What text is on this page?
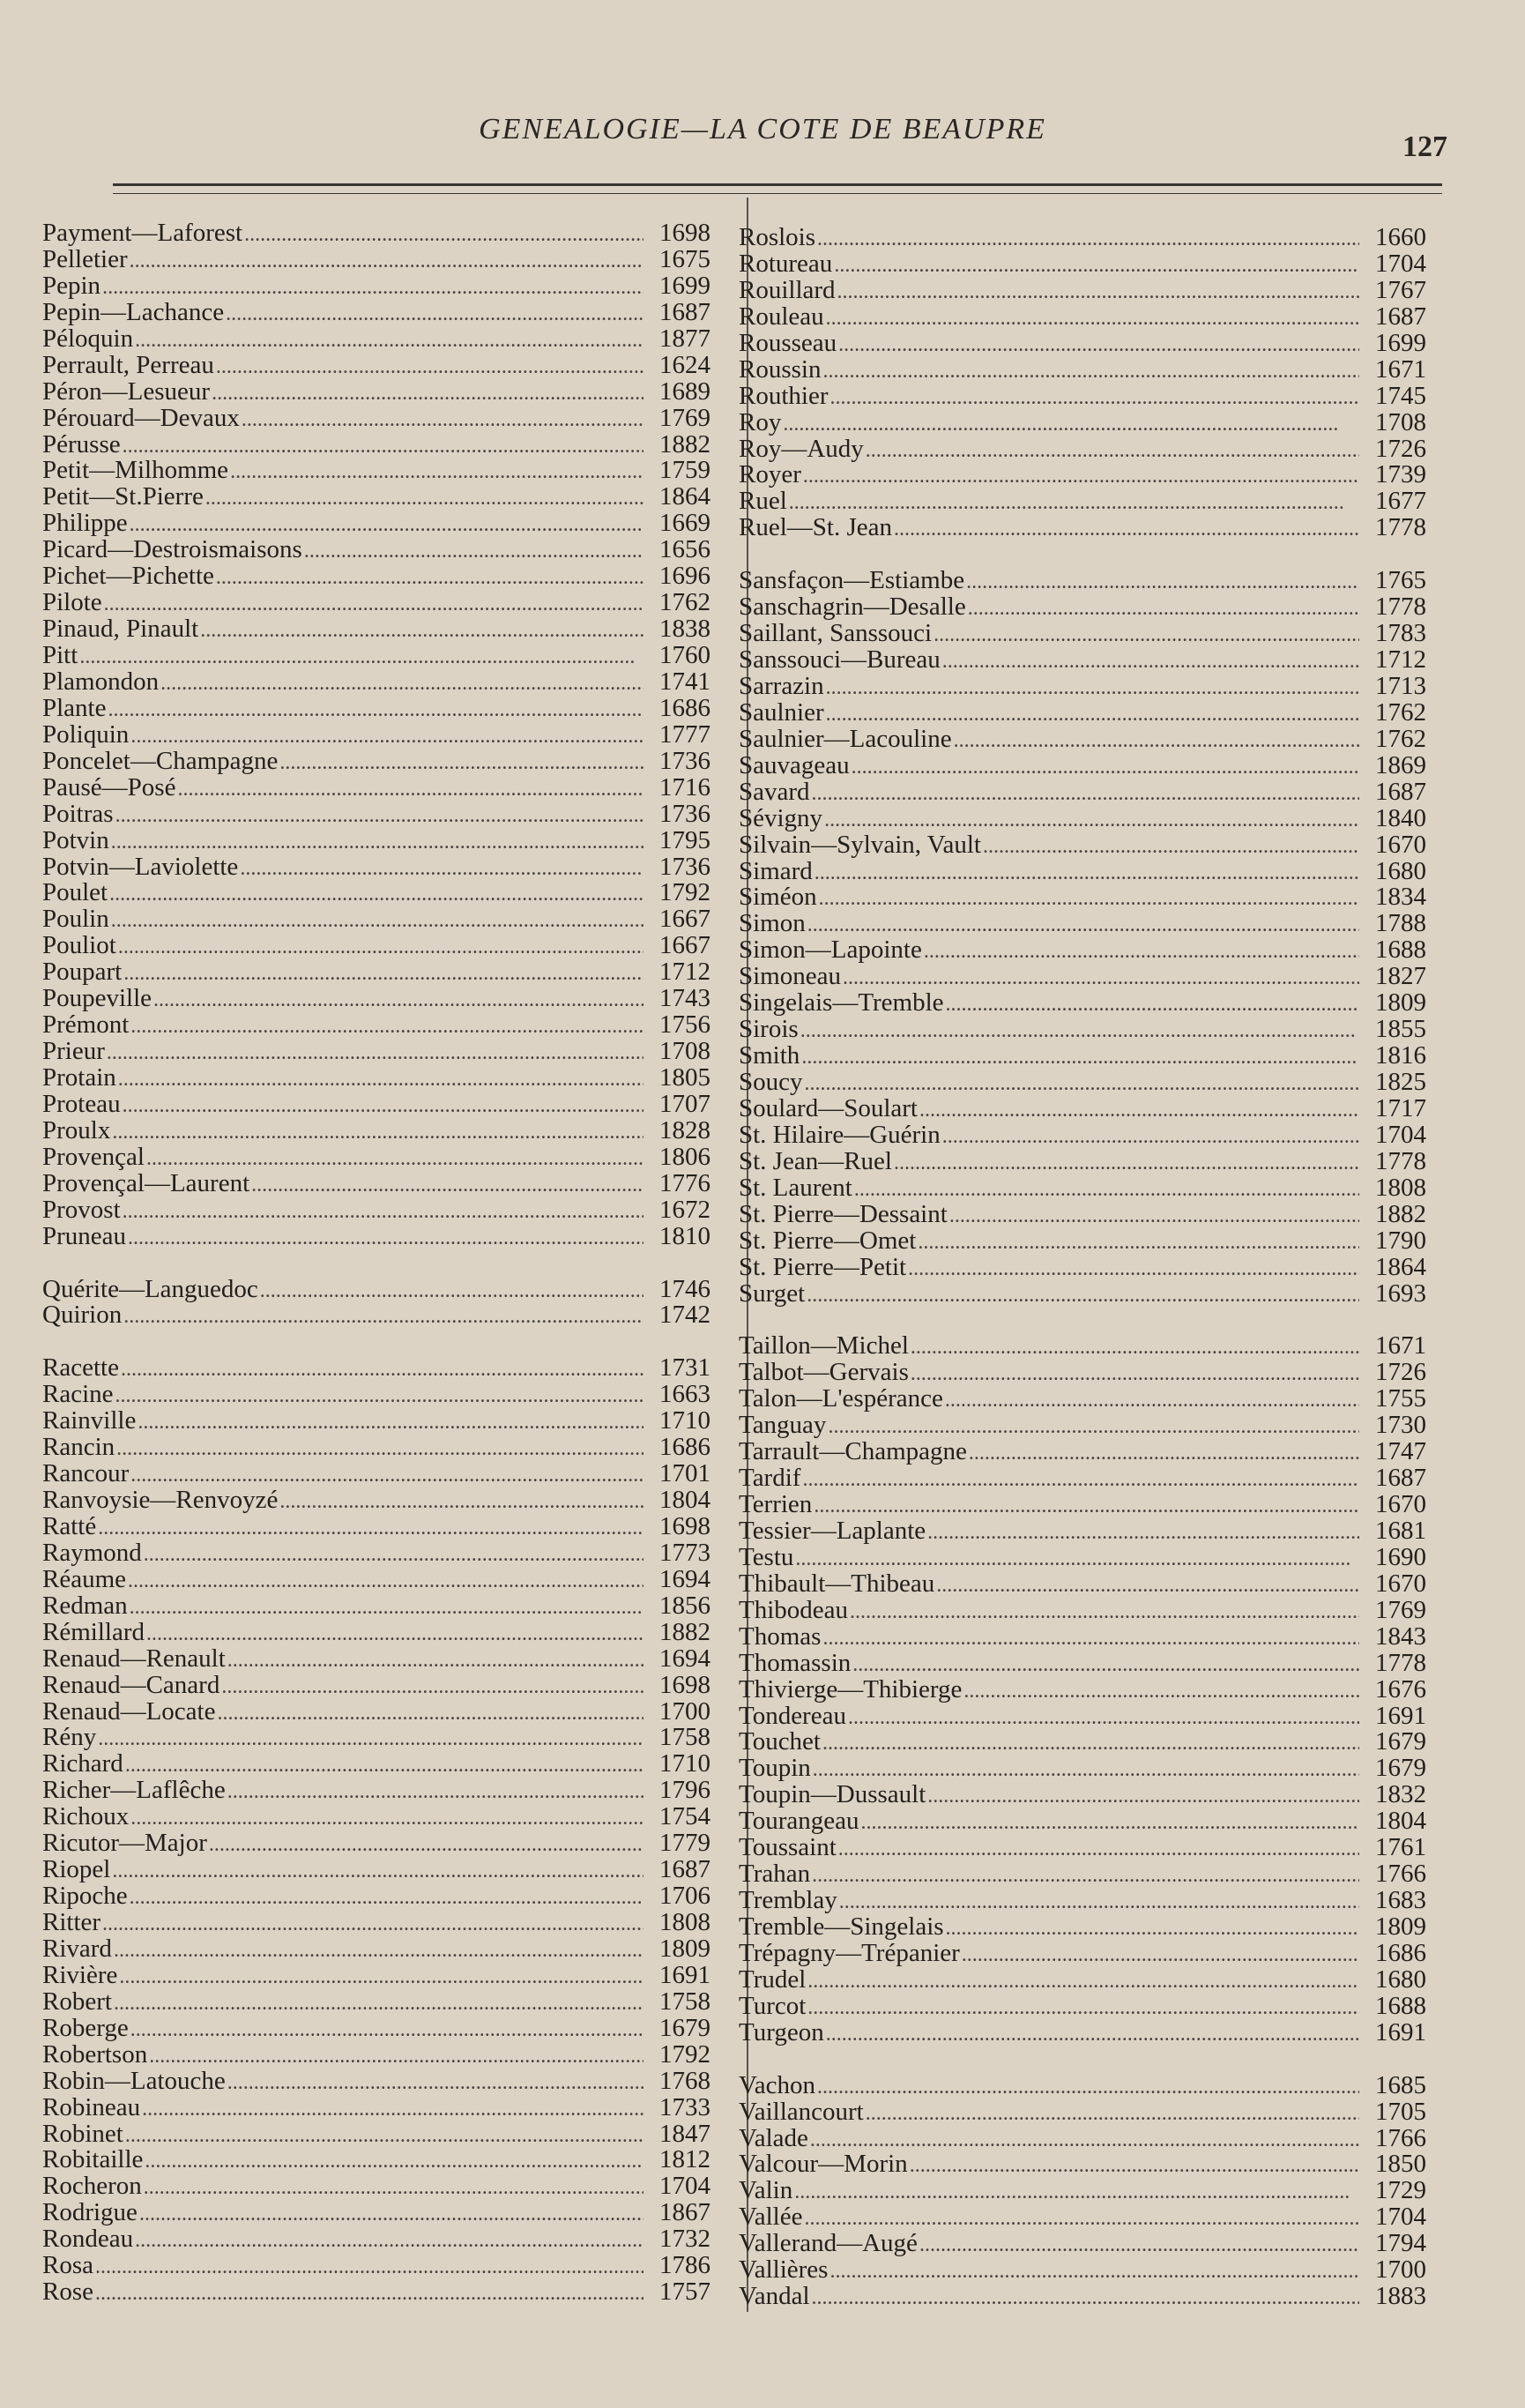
GENEALOGIE—LA COTE DE BEAUPRE
127
Payment—Laforest . . .	1698
Pelletier . . .	1675
Pepin . . .	1699
Pepin—Lachance . . .	1687
Péloquin . . .	1877
Perrault, Perreau . . .	1624
Péron—Lesueur . . .	1689
Pérouard—Devaux . . .	1769
Pérusse . . .	1882
Petit—Milhomme . . .	1759
Petit—St.Pierre . . .	1864
Philippe . . .	1669
Picard—Destroismaisons . . .	1656
Pichet—Pichette . . .	1696
Pilote . . .	1762
Pinaud, Pinault . . .	1838
Pitt . . .	1760
Plamondon . . .	1741
Plante . . .	1686
Poliquin . . .	1777
Poncelet—Champagne . . .	1736
Pausé—Posé . . .	1716
Poitras . . .	1736
Potvin . . .	1795
Potvin—Laviolette . . .	1736
Poulet . . .	1792
Poulin . . .	1667
Pouliot . . .	1667
Poupart . . .	1712
Poupeville . . .	1743
Prémont . . .	1756
Prieur . . .	1708
Protain . . .	1805
Proteau . . .	1707
Proulx . . .	1828
Provençal . . .	1806
Provençal—Laurent . . .	1776
Provost . . .	1672
Pruneau . . .	1810
Quérite—Languedoc . . .	1746
Quirion . . .	1742
Racette . . .	1731
Racine . . .	1663
Rainville . . .	1710
Rancin . . .	1686
Rancour . . .	1701
Ranvoysie—Renvoyzé . . .	1804
Ratté . . .	1698
Raymond . . .	1773
Réaume . . .	1694
Redman . . .	1856
Rémillard . . .	1882
Renaud—Renault . . .	1694
Renaud—Canard . . .	1698
Renaud—Locate . . .	1700
Rény . . .	1758
Richard . . .	1710
Richer—Laflêche . . .	1796
Richoux . . .	1754
Ricutor—Major . . .	1779
Riopel . . .	1687
Ripoche . . .	1706
Ritter . . .	1808
Rivard . . .	1809
Rivière . . .	1691
Robert . . .	1758
Roberge . . .	1679
Robertson . . .	1792
Robin—Latouche . . .	1768
Robineau . . .	1733
Robinet . . .	1847
Robitaille . . .	1812
Rocheron . . .	1704
Rodrigue . . .	1867
Rondeau . . .	1732
Rosa . . .	1786
Rose . . .	1757
Roslois . . .	1660
Rotureau . . .	1704
Rouillard . . .	1767
Rouleau . . .	1687
Rousseau . . .	1699
Roussin . . .	1671
Routhier . . .	1745
Roy . . .	1708
Roy—Audy . . .	1726
Royer . . .	1739
Ruel . . .	1677
Ruel—St. Jean . . .	1778
Sansfaçon—Estiambe . . .	1765
Sanschagrin—Desalle . . .	1778
Saillant, Sanssouci . . .	1783
Sanssouci—Bureau . . .	1712
Sarrazin . . .	1713
Saulnier . . .	1762
Saulnier—Lacouline . . .	1762
Sauvageau . . .	1869
Savard . . .	1687
Sévigny . . .	1840
Silvain—Sylvain, Vault . . .	1670
Simard . . .	1680
Siméon . . .	1834
Simon . . .	1788
Simon—Lapointe . . .	1688
Simoneau . . .	1827
Singelais—Tremble . . .	1809
Sirois . . .	1855
Smith . . .	1816
Soucy . . .	1825
Soulard—Soulart . . .	1717
St. Hilaire—Guérin . . .	1704
St. Jean—Ruel . . .	1778
St. Laurent . . .	1808
St. Pierre—Dessaint . . .	1882
St. Pierre—Omet . . .	1790
St. Pierre—Petit . . .	1864
Surget . . .	1693
Taillon—Michel . . .	1671
Talbot—Gervais . . .	1726
Talon—L'espérance . . .	1755
Tanguay . . .	1730
Tarrault—Champagne . . .	1747
Tardif . . .	1687
Terrien . . .	1670
Tessier—Laplante . . .	1681
Testu . . .	1690
Thibault—Thibeau . . .	1670
Thibodeau . . .	1769
Thomas . . .	1843
Thomassin . . .	1778
Thivierge—Thibierge . . .	1676
Tondereau . . .	1691
Touchet . . .	1679
Toupin . . .	1679
Toupin—Dussault . . .	1832
Tourangeau . . .	1804
Toussaint . . .	1761
Trahan . . .	1766
Tremblay . . .	1683
Tremble—Singelais . . .	1809
Trépagny—Trépanier . . .	1686
Trudel . . .	1680
Turcot . . .	1688
Turgeon . . .	1691
Vachon . . .	1685
Vaillancourt . . .	1705
Valade . . .	1766
Valcour—Morin . . .	1850
Valin . . .	1729
Vallée . . .	1704
Vallerand—Augé . . .	1794
Vallières . . .	1700
Vandal . . .	1883
